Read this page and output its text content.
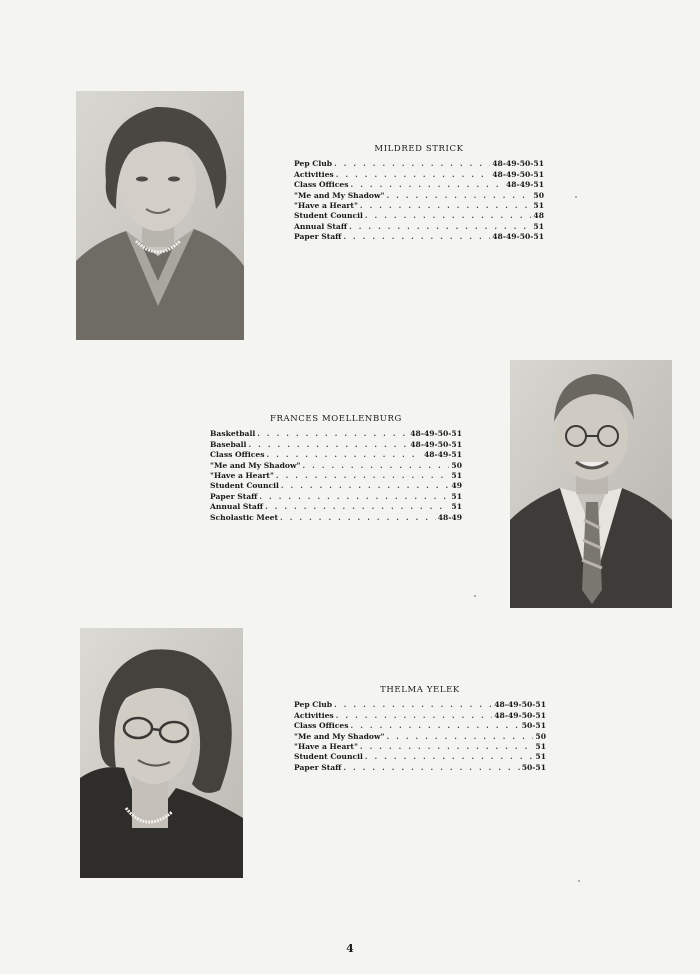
MILDRED STRICK
Pep Club . . .	48-49-50-51
Activities . . .	48-49-50-51
Class Offices . . .	48-49-51
"Me and My Shadow" . . .	50
"Have a Heart" . . .	51
Student Council . . .	48
Annual Staff . . .	51
Paper Staff . . .	48-49-50-51
FRANCES MOELLENBURG
Basketball . . .	48-49-50-51
Baseball . . .	48-49-50-51
Class Offices . . .	48-49-51
"Me and My Shadow" . . .	50
"Have a Heart" . . .	51
Student Council . . .	49
Paper Staff . . .	51
Annual Staff . . .	51
Scholastic Meet . . .	48-49
THELMA YELEK
Pep Club . . .	48-49-50-51
Activities . . .	48-49-50-51
Class Offices . . .	50-51
"Me and My Shadow" . . .	50
"Have a Heart" . . .	51
Student Council . . .	51
Paper Staff . . .	50-51
4
